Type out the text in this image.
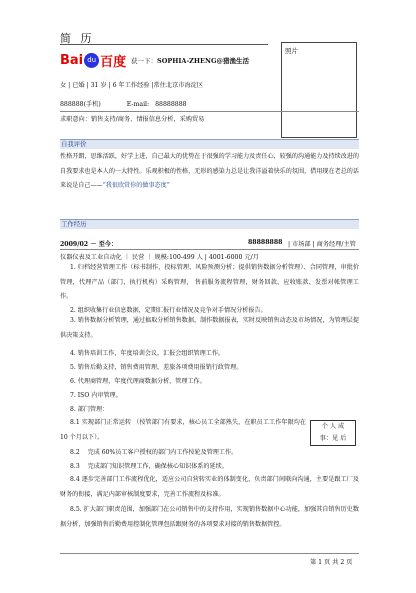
简 历
Bai du 百度 获一下：SOPHIA-ZHENG@猎渔生活
照片
女 | 已婚 | 31 岁 | 6 年工作经验 |常住北京市海淀区
888888(手机)	E-mail: 88888888
求职意向：销售支持/商务、情报信息分析，采购贸易
自我评价
性格开朗，思维活跃，好学上进，自己最大的优势在于很强的学习能力及责任心，较强的沟通能力及持续改进的自我要求也是本人的一大特性。乐观积极的性格，无形的感染力总是让我洋溢着快乐的氛围，借用现在老总的话来说是自己——“我很欣赏你的做事态度”
工作经历
2009/02 － 至今：	88888888 | 市场部 | 商务经理/主管
仪器仪表及工业自动化 ｜ 民营 ｜ 规模:100-499 人 | 4001-6000 元/月
1. 归档经营管理工作（标书制作、投标管理、风险预测分析；提供销售数据分析管理）、合同管理，审批价管理，代理产品（部门，执行机构）采购管理， 售前服务流程管理，财务回款、应收账款、发票对帐管理工作。
2. 组织收集行业信息数据，定期汇报行业情况及竞争对手情况分析报告。
3. 销售数据分析管理，通过搞取分析销售数据，制作数据报表，实时反映销售动态及市场情况，为管理层提供决策支持。
4. 销售培训工作，年度培训会议，汇报会组织管理工作。
5. 销售后勤支持，销售费用管理，差旅各项费用报销行政管理。
6. 代理商管理，年度代理商数据分析，管理工作。
7. ISO 内审管理。
8. 部门管理：
8.1 实现部门正常运转 （按管部门有要求，核心员工全部熟失，在职员工工作年限均在 10 个月以下）。
个 人 成
事：见 后
8.2 完成 60%员工客户授权的部门内工作按轮及管理工作。
8.3 完成部门知识管理工作，确保核心知识体系的延续。
8.4 逐步完善部门工作流程优化，适应公司自营转实业的体制变化，负责部门间联向沟通，主要是跟工厂及财务的衔接，满足内部审核制度要求，完善工作流程及标准。
8.5. 扩大部门职责范围，加强部门在公司销售中的支持作用，实现销售数据中心功能，加强其自销售历史数据分析，加强销售后勤费用控制化管理包括跟财务的各项要求对接的销售数据管控。
第 1 页 共 2 页
